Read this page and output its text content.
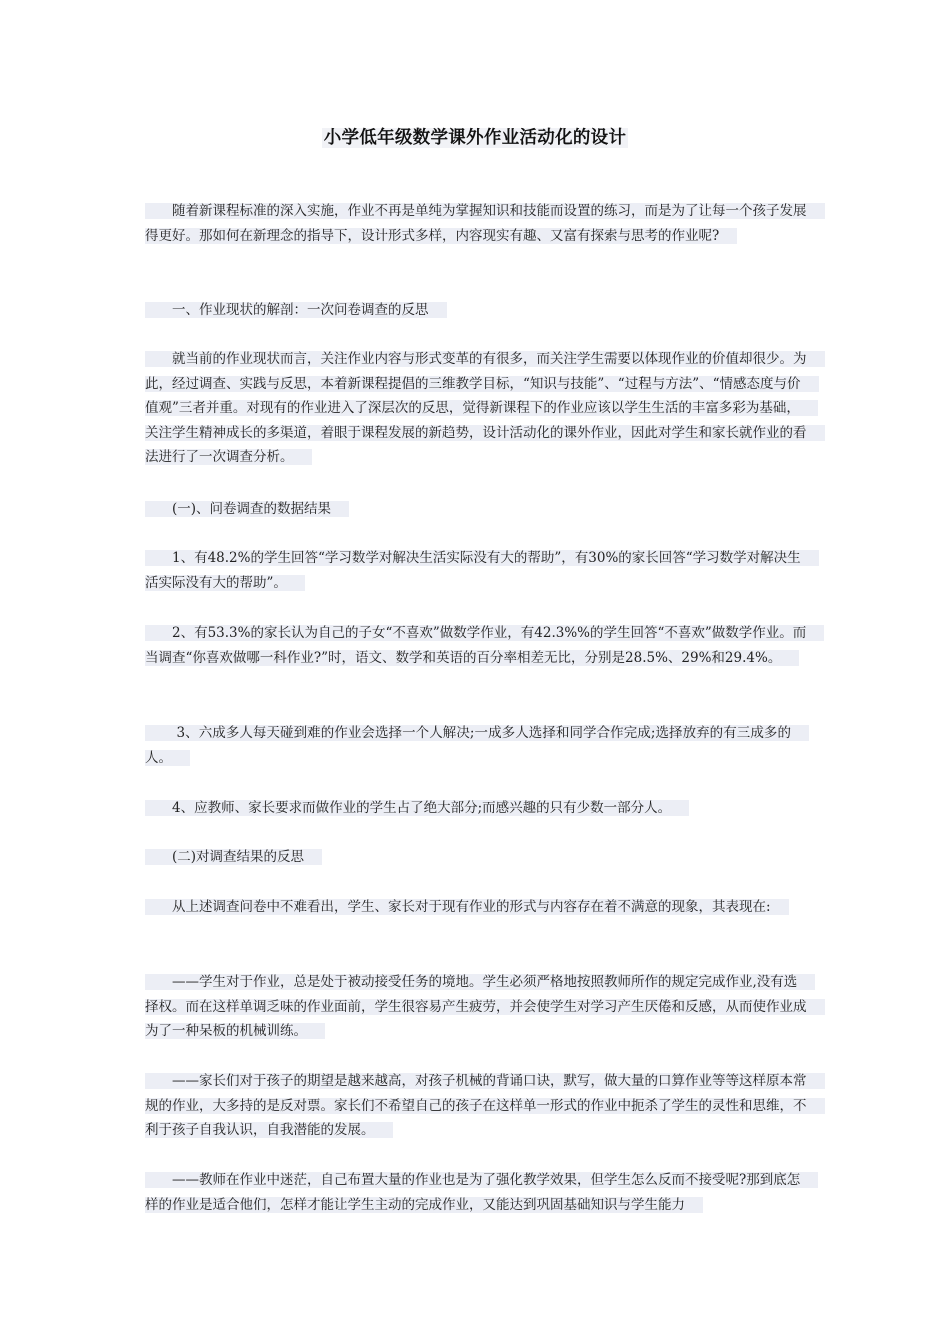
小学低年级数学课外作业活动化的设计

随着新课程标准的深入实施，作业不再是单纯为掌握知识和技能而设置的练习，而是为了让每一个孩子发展得更好。那如何在新理念的指导下，设计形式多样，内容现实有趣、又富有探索与思考的作业呢?

一、作业现状的解剖：一次问卷调查的反思

就当前的作业现状而言，关注作业内容与形式变革的有很多，而关注学生需要以体现作业的价值却很少。为此，经过调查、实践与反思，本着新课程提倡的三维教学目标，“知识与技能”、“过程与方法”、“情感态度与价值观”三者并重。对现有的作业进入了深层次的反思，觉得新课程下的作业应该以学生生活的丰富多彩为基础，关注学生精神成长的多渠道，着眼于课程发展的新趋势，设计活动化的课外作业，因此对学生和家长就作业的看法进行了一次调查分析。

(一)、问卷调查的数据结果

1、有48.2%的学生回答“学习数学对解决生活实际没有大的帮助”，有30%的家长回答“学习数学对解决生活实际没有大的帮助”。

2、有53.3%的家长认为自己的子女“不喜欢”做数学作业，有42.3%%的学生回答“不喜欢”做数学作业。而当调查“你喜欢做哪一科作业?”时，语文、数学和英语的百分率相差无比，分别是28.5%、29%和29.4%。

3、六成多人每天碰到难的作业会选择一个人解决;一成多人选择和同学合作完成;选择放弃的有三成多的人。

4、应教师、家长要求而做作业的学生占了绝大部分;而感兴趣的只有少数一部分人。

(二)对调查结果的反思

从上述调查问卷中不难看出，学生、家长对于现有作业的形式与内容存在着不满意的现象，其表现在:

——学生对于作业，总是处于被动接受任务的境地。学生必须严格地按照教师所作的规定完成作业,没有选择权。而在这样单调乏味的作业面前，学生很容易产生疲劳，并会使学生对学习产生厌倦和反感，从而使作业成为了一种呆板的机械训练。

——家长们对于孩子的期望是越来越高，对孩子机械的背诵口诀，默写，做大量的口算作业等等这样原本常规的作业，大多持的是反对票。家长们不希望自己的孩子在这样单一形式的作业中扼杀了学生的灵性和思维，不利于孩子自我认识，自我潜能的发展。

——教师在作业中迷茫，自己布置大量的作业也是为了强化教学效果，但学生怎么反而不接受呢?那到底怎样的作业是适合他们，怎样才能让学生主动的完成作业，又能达到巩固基础知识与学生能力
